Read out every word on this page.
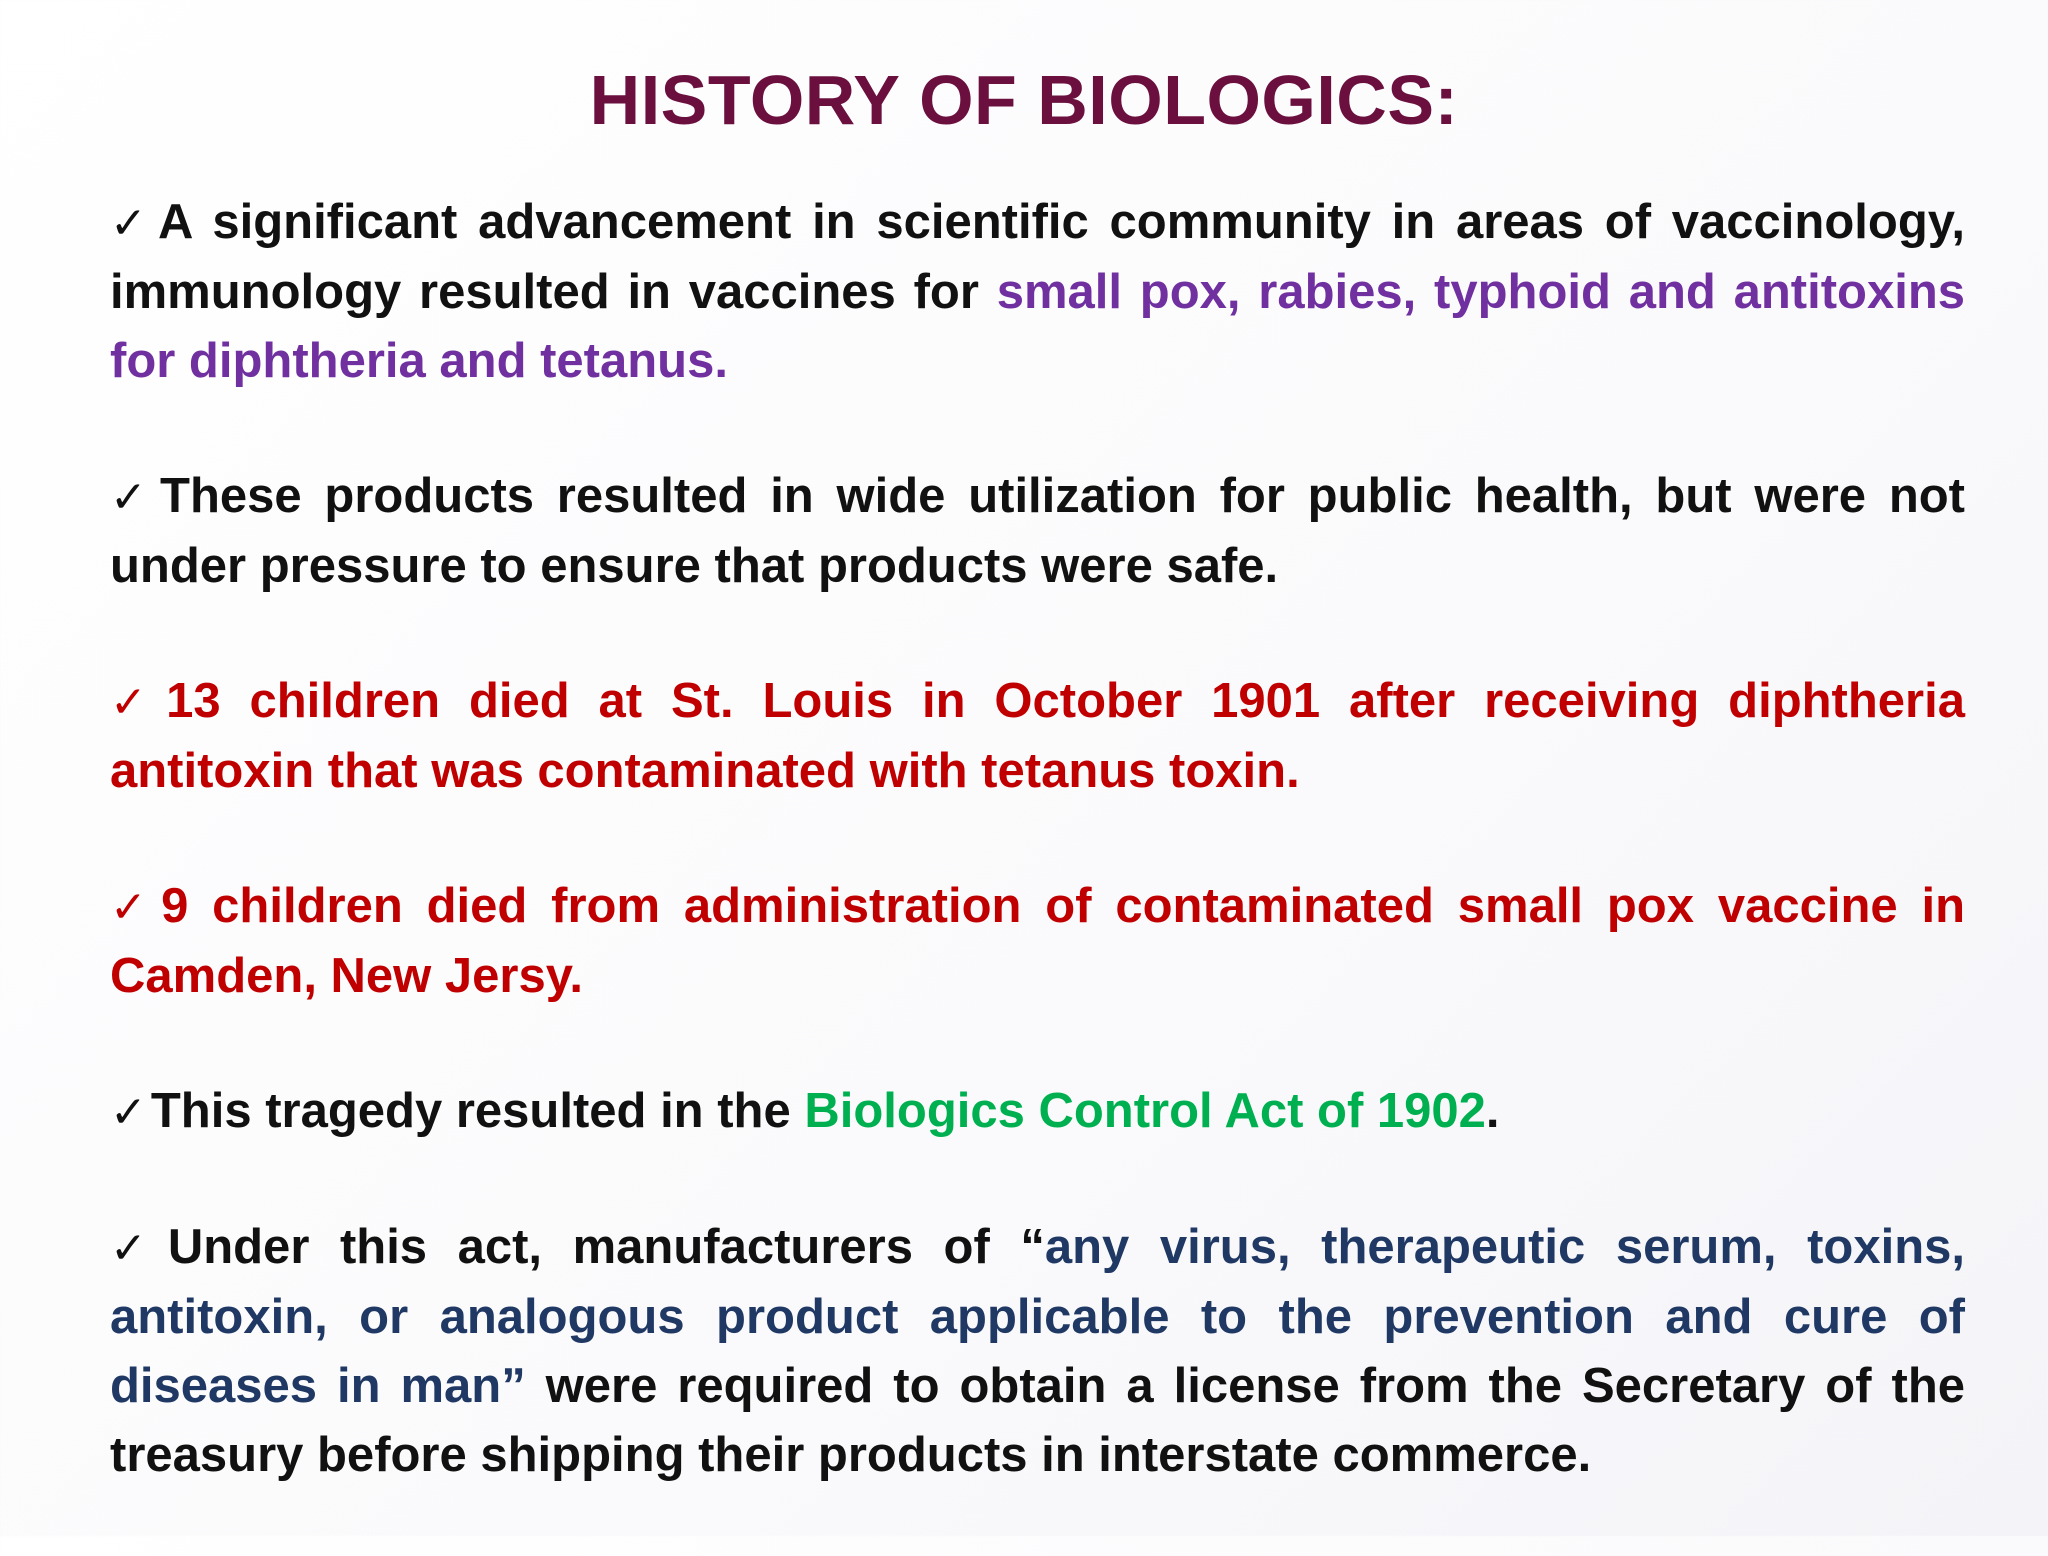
HISTORY OF BIOLOGICS:

✓A significant advancement in scientific community in areas of vaccinology, immunology resulted in vaccines for small pox, rabies, typhoid and antitoxins for diphtheria and tetanus.

✓These products resulted in wide utilization for public health, but were not under pressure to ensure that products were safe.

✓13 children died at St. Louis in October 1901 after receiving diphtheria antitoxin that was contaminated with tetanus toxin.

✓9 children died from administration of contaminated small pox vaccine in Camden, New Jersy.

✓This tragedy resulted in the Biologics Control Act of 1902.

✓Under this act, manufacturers of “any virus, therapeutic serum, toxins, antitoxin, or analogous product applicable to the prevention and cure of diseases in man” were required to obtain a license from the Secretary of the treasury before shipping their products in interstate commerce.
